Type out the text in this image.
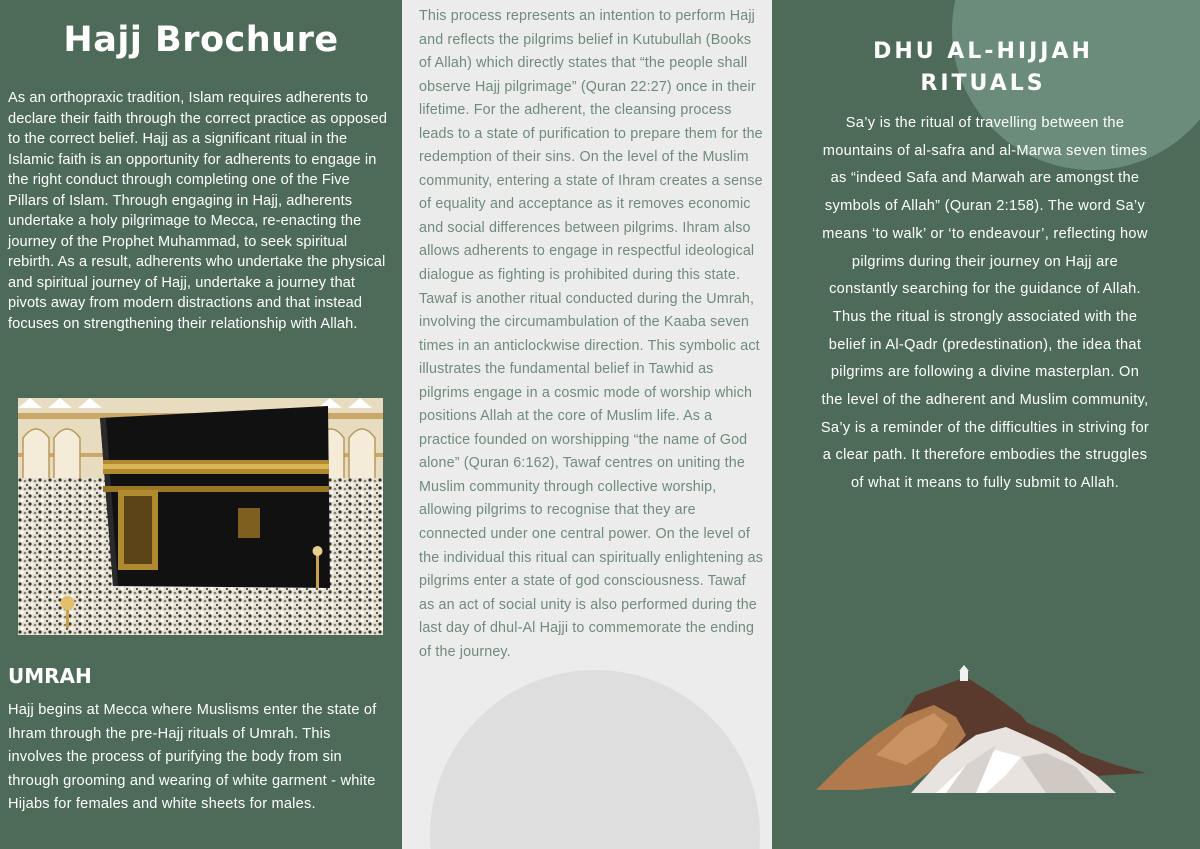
Hajj Brochure

As an orthopraxic tradition, Islam requires adherents to declare their faith through the correct practice as opposed to the correct belief. Hajj as a significant ritual in the Islamic faith is an opportunity for adherents to engage in the right conduct through completing one of the Five Pillars of Islam. Through engaging in Hajj, adherents undertake a holy pilgrimage to Mecca, re-enacting the journey of the Prophet Muhammad, to seek spiritual rebirth. As a result, adherents who undertake the physical and spiritual journey of Hajj, undertake a journey that pivots away from modern distractions and that instead focuses on strengthening their relationship with Allah.

UMRAH

Hajj begins at Mecca where Muslisms enter the state of Ihram through the pre-Hajj rituals of Umrah. This involves the process of purifying the body from sin through grooming and wearing of white garment - white Hijabs for females and white sheets for males.

This process represents an intention to perform Hajj and reflects the pilgrims belief in Kutubullah (Books of Allah) which directly states that “the people shall observe Hajj pilgrimage” (Quran 22:27) once in their lifetime. For the adherent, the cleansing process leads to a state of purification to prepare them for the redemption of their sins. On the level of the Muslim community, entering a state of Ihram creates a sense of equality and acceptance as it removes economic and social differences between pilgrims. Ihram also allows adherents to engage in respectful ideological dialogue as fighting is prohibited during this state. Tawaf is another ritual conducted during the Umrah, involving the circumambulation of the Kaaba seven times in an anticlockwise direction. This symbolic act illustrates the fundamental belief in Tawhid as pilgrims engage in a cosmic mode of worship which positions Allah at the core of Muslim life. As a practice founded on worshipping “the name of God alone” (Quran 6:162), Tawaf centres on uniting the Muslim community through collective worship, allowing pilgrims to recognise that they are connected under one central power. On the level of the individual this ritual can spiritually enlightening as pilgrims enter a state of god consciousness. Tawaf as an act of social unity is also performed during the last day of dhul-Al Hajji to commemorate the ending of the journey.

DHU AL-HIJJAH RITUALS

Sa’y is the ritual of travelling between the mountains of al-safra and al-Marwa seven times as “indeed Safa and Marwah are amongst the symbols of Allah” (Quran 2:158). The word Sa’y means ‘to walk’ or ‘to endeavour’, reflecting how pilgrims during their journey on Hajj are constantly searching for the guidance of Allah. Thus the ritual is strongly associated with the belief in Al-Qadr (predestination), the idea that pilgrims are following a divine masterplan. On the level of the adherent and Muslim community, Sa’y is a reminder of the difficulties in striving for a clear path. It therefore embodies the struggles of what it means to fully submit to Allah.
